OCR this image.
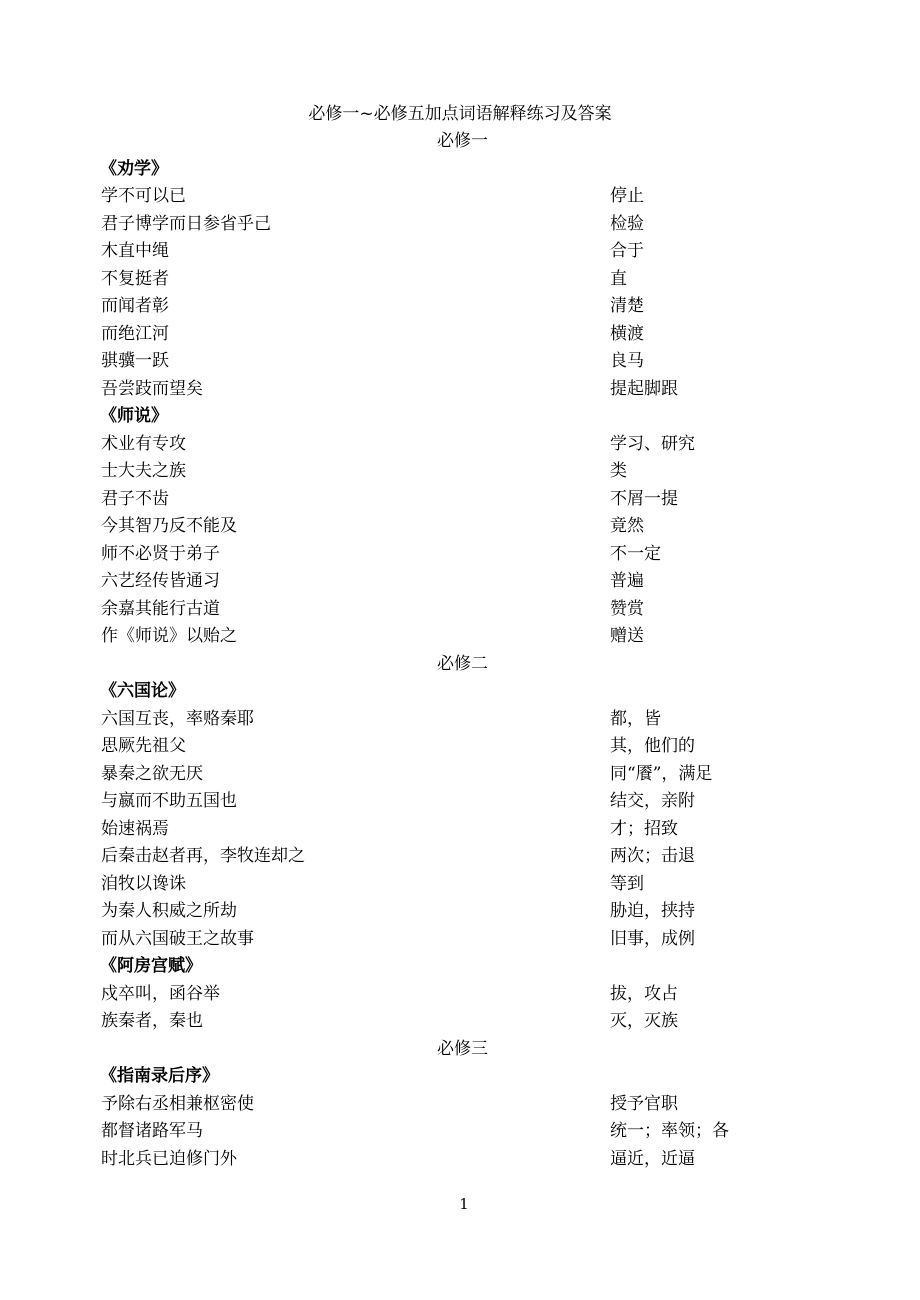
必修一~必修五加点词语解释练习及答案
必修一
《劝学》
学不可以已	停止
君子博学而日参省乎己	检验
木直中绳	合于
不复挺者	直
而闻者彰	清楚
而绝江河	横渡
骐骥一跃	良马
吾尝跂而望矣	提起脚跟
《师说》
术业有专攻	学习、研究
士大夫之族	类
君子不齿	不屑一提
今其智乃反不能及	竟然
师不必贤于弟子	不一定
六艺经传皆通习	普遍
余嘉其能行古道	赞赏
作《师说》以贻之	赠送
必修二
《六国论》
六国互丧，率赂秦耶	都，皆
思厥先祖父	其，他们的
暴秦之欲无厌	同“餍”，满足
与嬴而不助五国也	结交，亲附
始速祸焉	才；招致
后秦击赵者再，李牧连却之	两次；击退
洎牧以谗诛	等到
为秦人积威之所劫	胁迫，挟持
而从六国破王之故事	旧事，成例
《阿房宫赋》
戍卒叫，函谷举	拔，攻占
族秦者，秦也	灭，灭族
必修三
《指南录后序》
予除右丞相兼枢密使	授予官职
都督诸路军马	统一；率领；各
时北兵已迫修门外	逼近，近逼
1
